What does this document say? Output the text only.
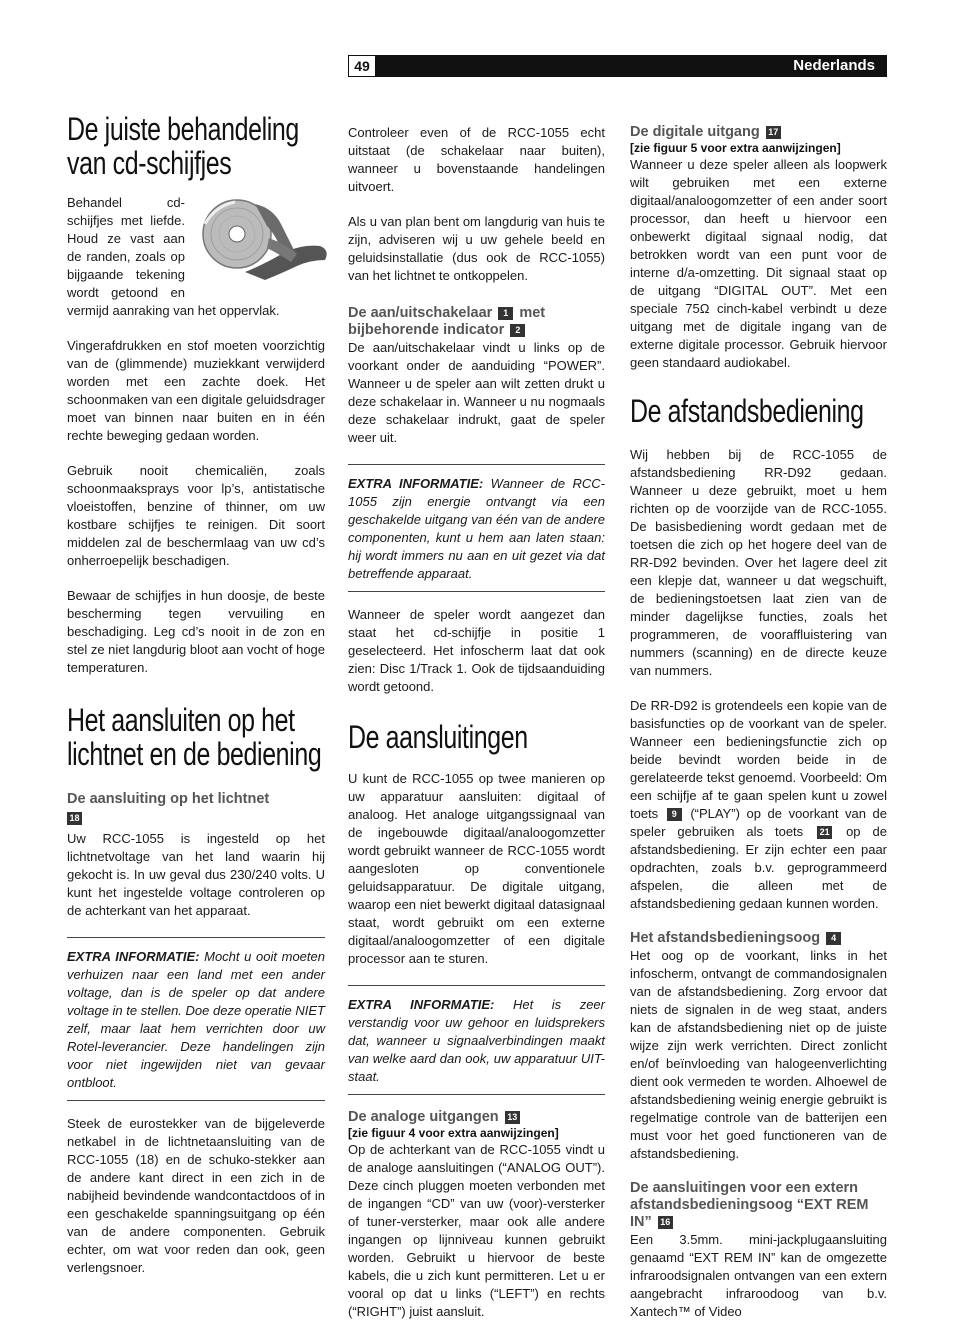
49	Nederlands
De juiste behandeling van cd-schijfjes

Behandel cd-schijfjes met liefde. Houd ze vast aan de randen, zoals op bijgaande tekening wordt getoond en vermijd aanraking van het oppervlak.

Vingerafdrukken en stof moeten voorzichtig van de (glimmende) muziekkant verwijderd worden met een zachte doek. Het schoonmaken van een digitale geluidsdrager moet van binnen naar buiten en in één rechte beweging gedaan worden.

Gebruik nooit chemicaliën, zoals schoonmaaksprays voor lp’s, antistatische vloeistoffen, benzine of thinner, om uw kostbare schijfjes te reinigen. Dit soort middelen zal de beschermlaag van uw cd’s onherroepelijk beschadigen.

Bewaar de schijfjes in hun doosje, de beste bescherming tegen vervuiling en beschadiging. Leg cd’s nooit in de zon en stel ze niet langdurig bloot aan vocht of hoge temperaturen.

Het aansluiten op het lichtnet en de bediening
De aansluiting op het lichtnet
18

Uw RCC-1055 is ingesteld op het lichtnetvoltage van het land waarin hij gekocht is. In uw geval dus 230/240 volts. U kunt het ingestelde voltage controleren op de achterkant van het apparaat.

EXTRA INFORMATIE: Mocht u ooit moeten verhuizen naar een land met een ander voltage, dan is de speler op dat andere voltage in te stellen. Doe deze operatie NIET zelf, maar laat hem verrichten door uw Rotel-leverancier. Deze handelingen zijn voor niet ingewijden niet van gevaar ontbloot.

Steek de eurostekker van de bijgeleverde netkabel in de lichtnetaansluiting van de RCC-1055 (18) en de schuko-stekker aan de andere kant direct in een zich in de nabijheid bevindende wandcontactdoos of in een geschakelde spanningsuitgang op één van de andere componenten. Gebruik echter, om wat voor reden dan ook, geen verlengsnoer.

Controleer even of de RCC-1055 echt uitstaat (de schakelaar naar buiten), wanneer u bovenstaande handelingen uitvoert.

Als u van plan bent om langdurig van huis te zijn, adviseren wij u uw gehele beeld en geluidsinstallatie (dus ook de RCC-1055) van het lichtnet te ontkoppelen.

De aan/uitschakelaar 1 met bijbehorende indicator 2

De aan/uitschakelaar vindt u links op de voorkant onder de aanduiding “POWER”. Wanneer u de speler aan wilt zetten drukt u deze schakelaar in. Wanneer u nu nogmaals deze schakelaar indrukt, gaat de speler weer uit.

EXTRA INFORMATIE: Wanneer de RCC-1055 zijn energie ontvangt via een geschakelde uitgang van één van de andere componenten, kunt u hem aan laten staan: hij wordt immers nu aan en uit gezet via dat betreffende apparaat.

Wanneer de speler wordt aangezet dan staat het cd-schijfje in positie 1 geselecteerd. Het infoscherm laat dat ook zien: Disc 1/Track 1. Ook de tijdsaanduiding wordt getoond.

De aansluitingen

U kunt de RCC-1055 op twee manieren op uw apparatuur aansluiten: digitaal of analoog. Het analoge uitgangssignaal van de ingebouwde digitaal/analoogomzetter wordt gebruikt wanneer de RCC-1055 wordt aangesloten op conventionele geluidsapparatuur. De digitale uitgang, waarop een niet bewerkt digitaal datasignaal staat, wordt gebruikt om een externe digitaal/analoogomzetter of een digitale processor aan te sturen.

EXTRA INFORMATIE: Het is zeer verstandig voor uw gehoor en luidsprekers dat, wanneer u signaalverbindingen maakt van welke aard dan ook, uw apparatuur UIT-staat.

De analoge uitgangen 13
[zie figuur 4 voor extra aanwijzingen]

Op de achterkant van de RCC-1055 vindt u de analoge aansluitingen (“ANALOG OUT”). Deze cinch pluggen moeten verbonden met de ingangen “CD” van uw (voor)-versterker of tuner-versterker, maar ook alle andere ingangen op lijnniveau kunnen gebruikt worden. Gebruikt u hiervoor de beste kabels, die u zich kunt permitteren. Let u er vooral op dat u links (“LEFT”) en rechts (“RIGHT”) juist aansluit.

De digitale uitgang 17
[zie figuur 5 voor extra aanwijzingen]

Wanneer u deze speler alleen als loopwerk wilt gebruiken met een externe digitaal/analoogomzetter of een ander soort processor, dan heeft u hiervoor een onbewerkt digitaal signaal nodig, dat betrokken wordt van een punt voor de interne d/a-omzetting. Dit signaal staat op de uitgang “DIGITAL OUT”. Met een speciale 75Ω cinch-kabel verbindt u deze uitgang met de digitale ingang van de externe digitale processor. Gebruik hiervoor geen standaard audiokabel.

De afstandsbediening

Wij hebben bij de RCC-1055 de afstandsbediening RR-D92 gedaan. Wanneer u deze gebruikt, moet u hem richten op de voorzijde van de RCC-1055. De basisbediening wordt gedaan met de toetsen die zich op het hogere deel van de RR-D92 bevinden. Over het lagere deel zit een klepje dat, wanneer u dat wegschuift, de bedieningstoetsen laat zien van de minder dagelijkse functies, zoals het programmeren, de vooraffluistering van nummers (scanning) en de directe keuze van nummers.

De RR-D92 is grotendeels een kopie van de basisfuncties op de voorkant van de speler. Wanneer een bedieningsfunctie zich op beide bevindt worden beide in de gerelateerde tekst genoemd. Voorbeeld: Om een schijfje af te gaan spelen kunt u zowel toets 9 (“PLAY”) op de voorkant van de speler gebruiken als toets 21 op de afstandsbediening. Er zijn echter een paar opdrachten, zoals b.v. geprogrammeerd afspelen, die alleen met de afstandsbediening gedaan kunnen worden.

Het afstandsbedieningsoog 4

Het oog op de voorkant, links in het infoscherm, ontvangt de commandosignalen van de afstandsbediening. Zorg ervoor dat niets de signalen in de weg staat, anders kan de afstandsbediening niet op de juiste wijze zijn werk verrichten. Direct zonlicht en/of beïnvloeding van halogeenverlichting dient ook vermeden te worden. Alhoewel de afstandsbediening weinig energie gebruikt is regelmatige controle van de batterijen een must voor het goed functioneren van de afstandsbediening.

De aansluitingen voor een extern afstandsbedieningsoog “EXT REM IN” 16

Een 3.5mm. mini-jackplugaansluiting genaamd “EXT REM IN” kan de omgezette infraroodsignalen ontvangen van een extern aangebracht infraroodoog van b.v. Xantech™ of Video
